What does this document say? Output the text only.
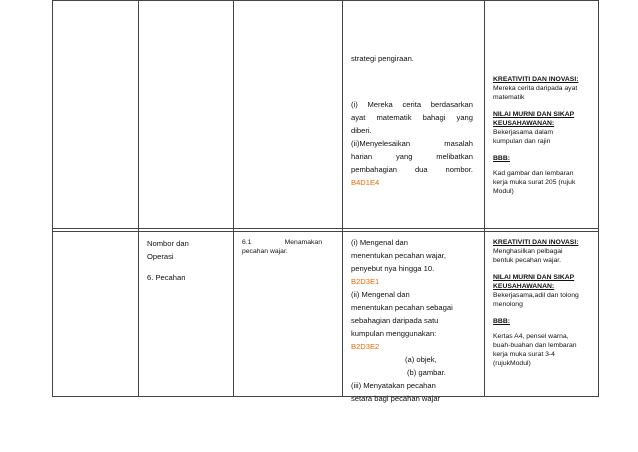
strategi pengiraan.
(i) Mereka cerita berdasarkan
ayat matematik bahagi yang
diberi.
(ii)Menyelesaikan masalah
harian yang melibatkan
pembahagian dua nombor.
B4D1E4
KREATIVITI DAN INOVASI:
Mereka cerita daripada ayat
matematik
NILAI MURNI DAN SIKAP
KEUSAHAWANAN:
Bekerjasama dalam
kumpulan dan rajin
BBB:
Kad gambar dan lembaran
kerja muka surat 205 (rujuk
Modul)
Nombor dan
Operasi
6. Pecahan
6.1	Menamakan
pecahan wajar.
(i) Mengenal dan
menentukan pecahan wajar,
penyebut nya hingga 10.
B2D3E1
(ii) Mengenal dan
menentukan pecahan sebagai
sebahagian daripada satu
kumpulan menggunakan:
B2D3E2
(a) objek,
(b) gambar.
(iii) Menyatakan pecahan
setara bagi pecahan wajar
KREATIVITI DAN INOVASI:
Menghasilkan pelbagai
bentuk pecahan wajar.
NILAI MURNI DAN SIKAP
KEUSAHAWANAN:
Bekerjasama,adil dan tolong
menolong
BBB:
Kertas A4, pensel warna,
buah-buahan dan lembaran
kerja muka surat 3-4
(rujukModul)
